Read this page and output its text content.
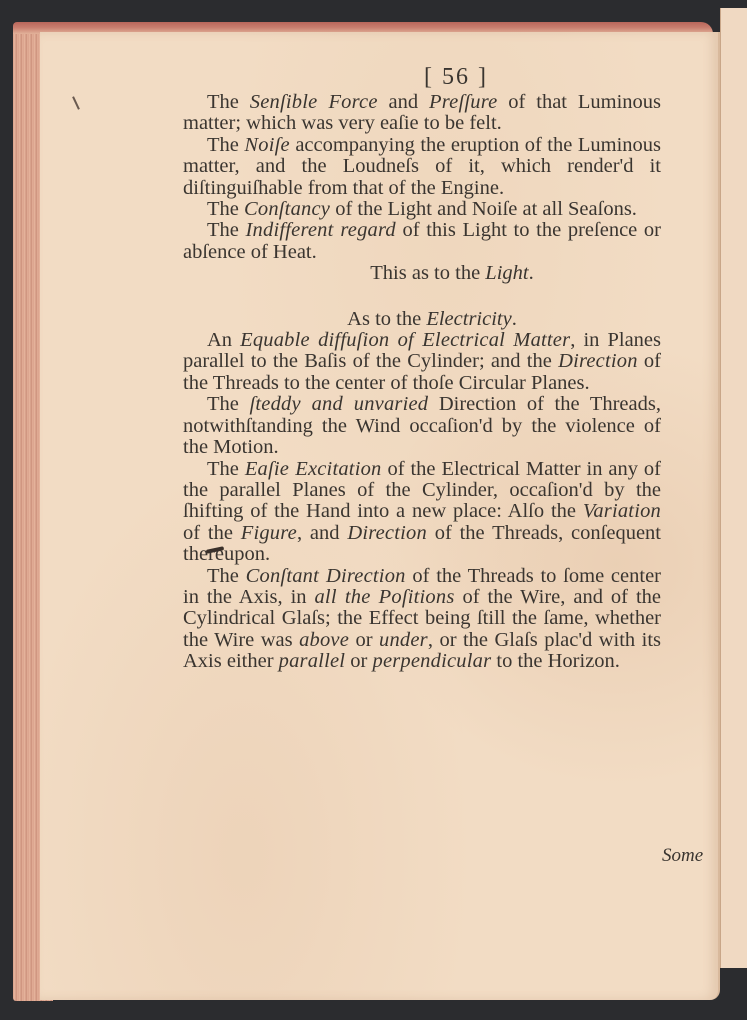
[ 56 ]

The Senſible Force and Preſſure of that Luminous matter; which was very eaſie to be felt.

The Noiſe accompanying the eruption of the Luminous matter, and the Loudneſs of it, which render'd it diſtinguiſhable from that of the Engine.

The Conſtancy of the Light and Noiſe at all Seaſons.

The Indifferent regard of this Light to the preſence or abſence of Heat.

This as to the Light.

As to the Electricity.

An Equable diffuſion of Electrical Matter, in Planes parallel to the Baſis of the Cylinder; and the Direction of the Threads to the center of thoſe Circular Planes.

The ſteddy and unvaried Direction of the Threads, notwithſtanding the Wind occaſion'd by the violence of the Motion.

The Eaſie Excitation of the Electrical Matter in any of the parallel Planes of the Cylinder, occaſion'd by the ſhifting of the Hand into a new place: Alſo the Variation of the Figure, and Direction of the Threads, conſequent thereupon.

The Conſtant Direction of the Threads to ſome center in the Axis, in all the Poſitions of the Wire, and of the Cylindrical Glaſs; the Effect being ſtill the ſame, whether the Wire was above or under, or the Glaſs plac'd with its Axis either parallel or perpendicular to the Horizon.

Some
